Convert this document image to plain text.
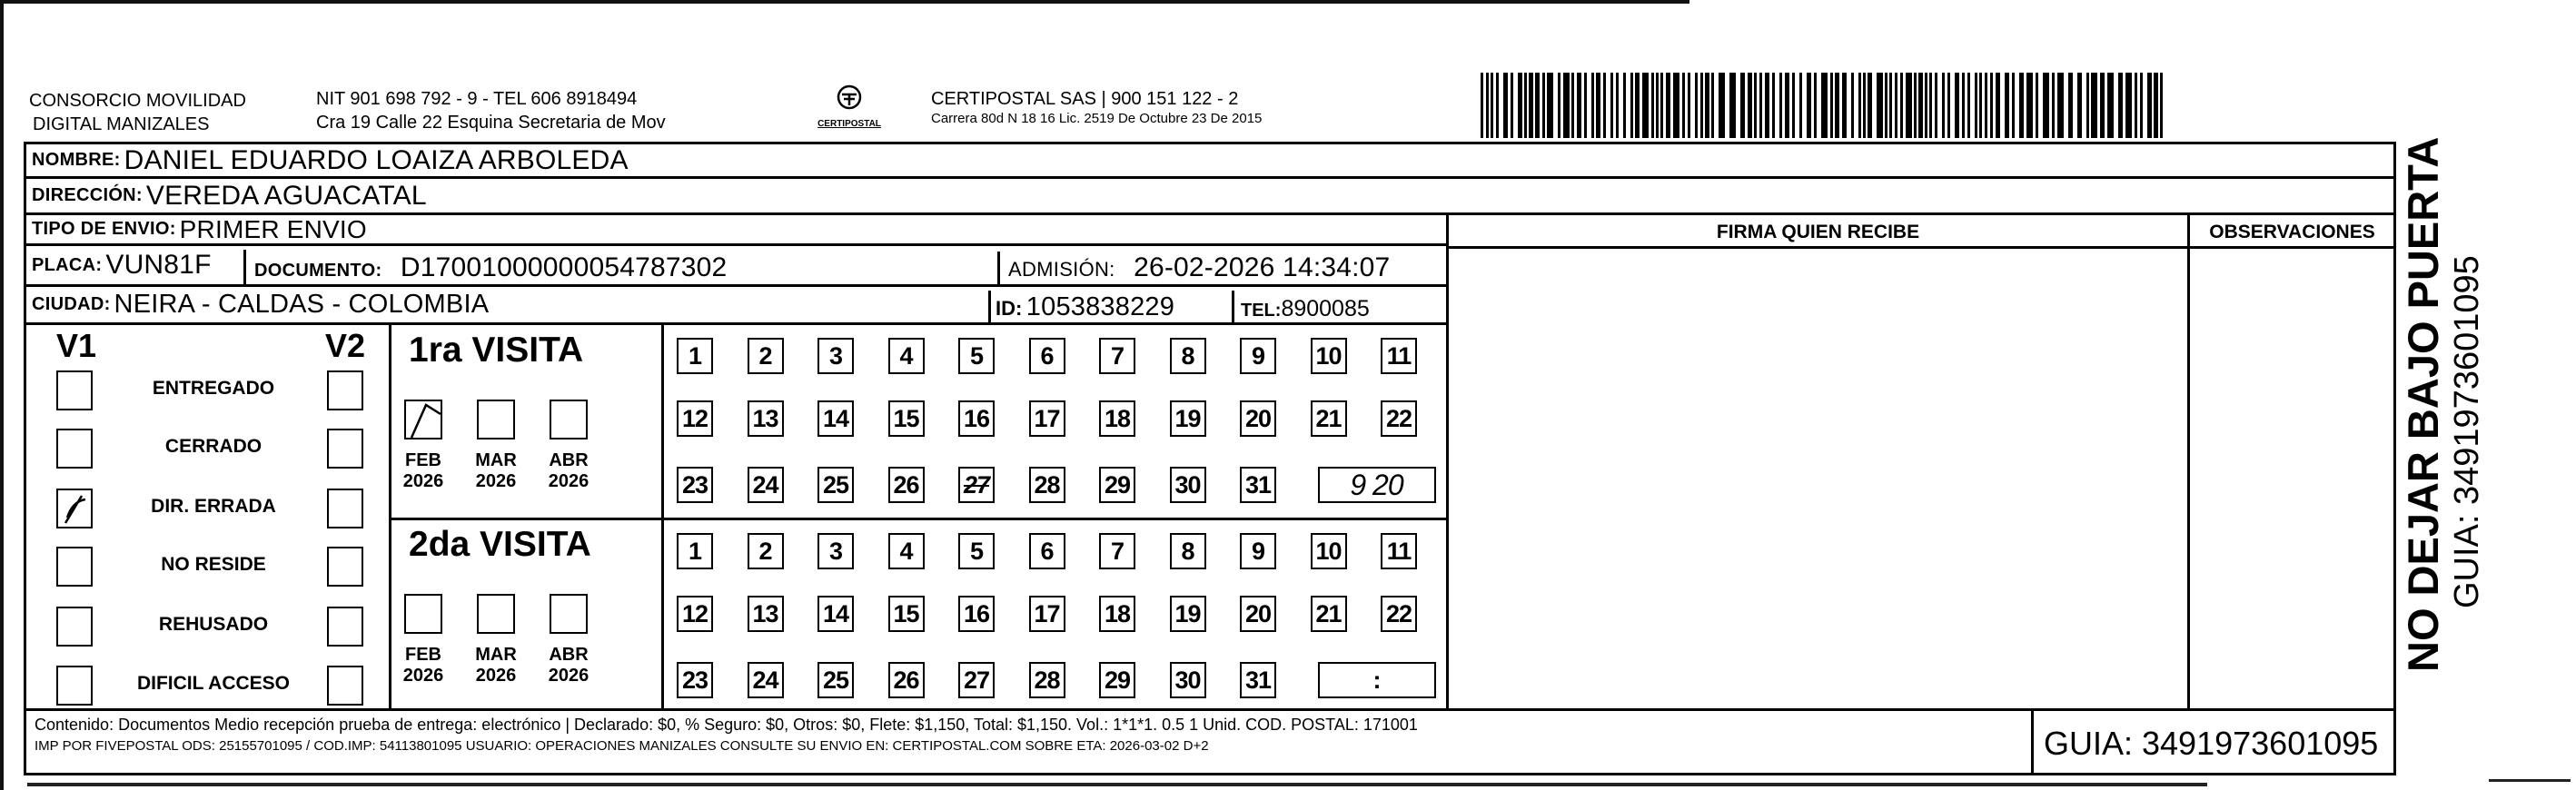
CONSORCIO MOVILIDAD
DIGITAL MANIZALES
NIT 901 698 792 - 9 - TEL 606 8918494
Cra 19 Calle 22 Esquina Secretaria de Mov	CERTIPOSTAL
CERTIPOSTAL SAS | 900 151 122 - 2
Carrera 80d N 18 16 Lic. 2519 De Octubre 23 De 2015
NOMBRE: DANIEL EDUARDO LOAIZA ARBOLEDA
DIRECCIÓN: VEREDA AGUACATAL
TIPO DE ENVIO: PRIMER ENVIO	FIRMA QUIEN RECIBE	OBSERVACIONES
PLACA: VUN81F DOCUMENTO: D17001000000054787302	ADMISIÓN: 26-02-2026 14:34:07
CIUDAD: NEIRA - CALDAS - COLOMBIA	ID: 1053838229	TEL:8900085
V1	V2
ENTREGADO
CERRADO
DIR. ERRADA
NO RESIDE
REHUSADO
DIFICIL ACCESO
1ra VISITA
2da VISITA
FEB
2026
MAR
2026
ABR
2026
FEB
2026
MAR
2026
ABR
2026
1 2 3 4 5 6 7 8 9 10 11
12 13 14 15 16 17 18 19 20 21 22
23 24 25 26 27 28 29 30 31	9 20
1 2 3 4 5 6 7 8 9 10 11
12 13 14 15 16 17 18 19 20 21 22
23 24 25 26 27 28 29 30 31	:
Contenido: Documentos Medio recepción prueba de entrega: electrónico | Declarado: $0, % Seguro: $0, Otros: $0, Flete: $1,150, Total: $1,150. Vol.: 1*1*1. 0.5 1 Unid. COD. POSTAL: 171001
IMP POR FIVEPOSTAL ODS: 25155701095 / COD.IMP: 54113801095 USUARIO: OPERACIONES MANIZALES CONSULTE SU ENVIO EN: CERTIPOSTAL.COM SOBRE ETA: 2026-03-02 D+2	GUIA: 3491973601095
NO DEJAR BAJO PUERTA GUIA: 3491973601095
